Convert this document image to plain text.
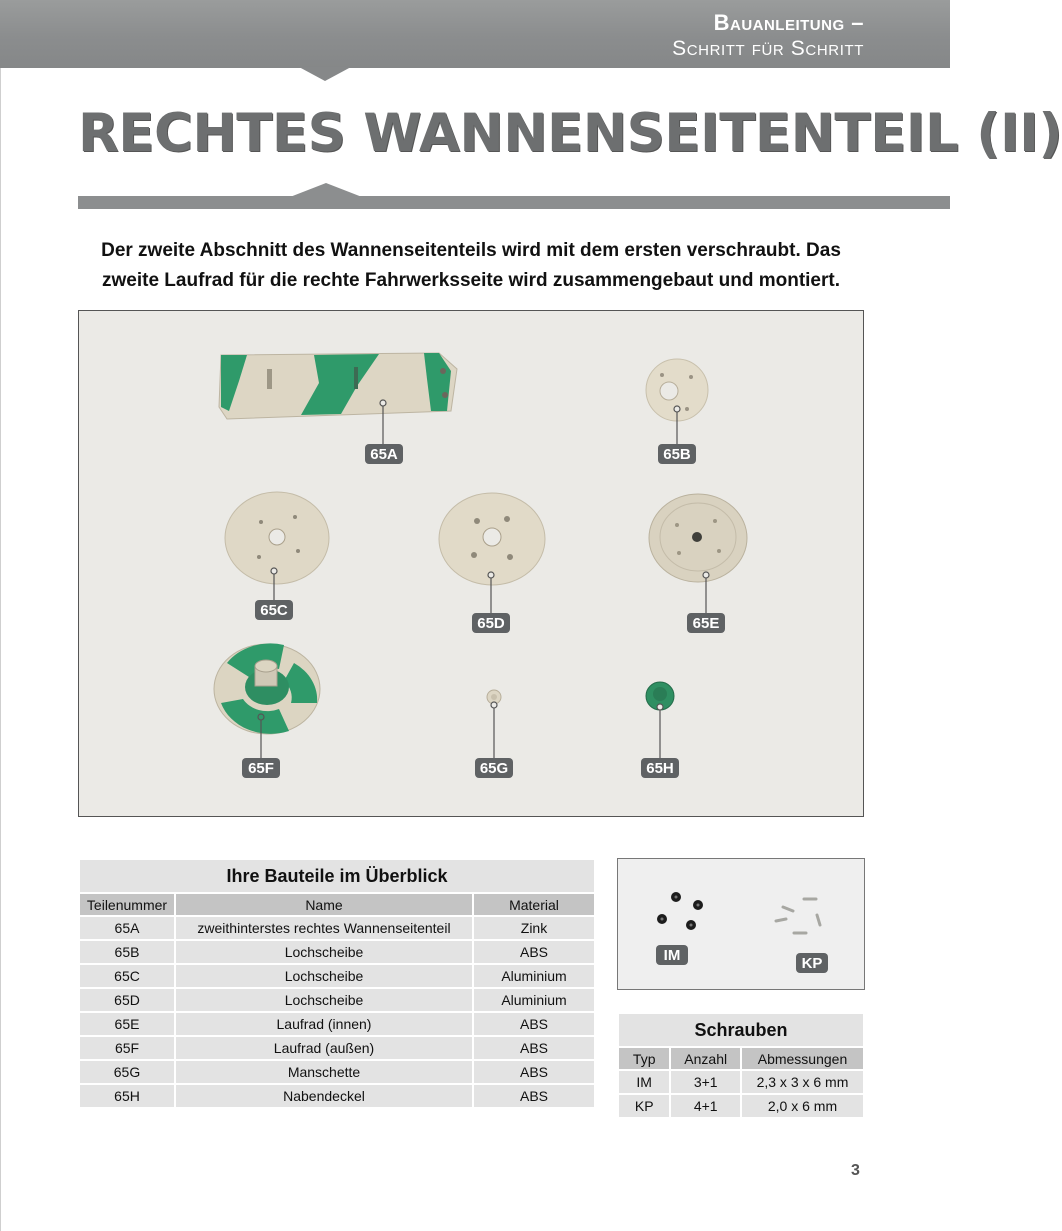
Bauanleitung –
Schritt für Schritt
RECHTES WANNENSEITENTEIL (II)
Der zweite Abschnitt des Wannenseitenteils wird mit dem ersten verschraubt. Das zweite Laufrad für die rechte Fahrwerksseite wird zusammengebaut und montiert.
65A	65B
65C
65D	65E
65F	65G	65H
Ihre Bauteile im Überblick		
Teilenummer	Name	Material
65A	zweithinterstes rechtes Wannenseitenteil	Zink
65B	Lochscheibe	ABS
65C	Lochscheibe	Aluminium
65D	Lochscheibe	Aluminium
65E	Laufrad (innen)	ABS
65F	Laufrad (außen)	ABS
65G	Manschette	ABS
65H	Nabendeckel	ABS
IM	KP
Schrauben		
Typ	Anzahl	Abmessungen
IM	3+1	2,3 x 3 x 6 mm
KP	4+1	2,0 x 6 mm
3
